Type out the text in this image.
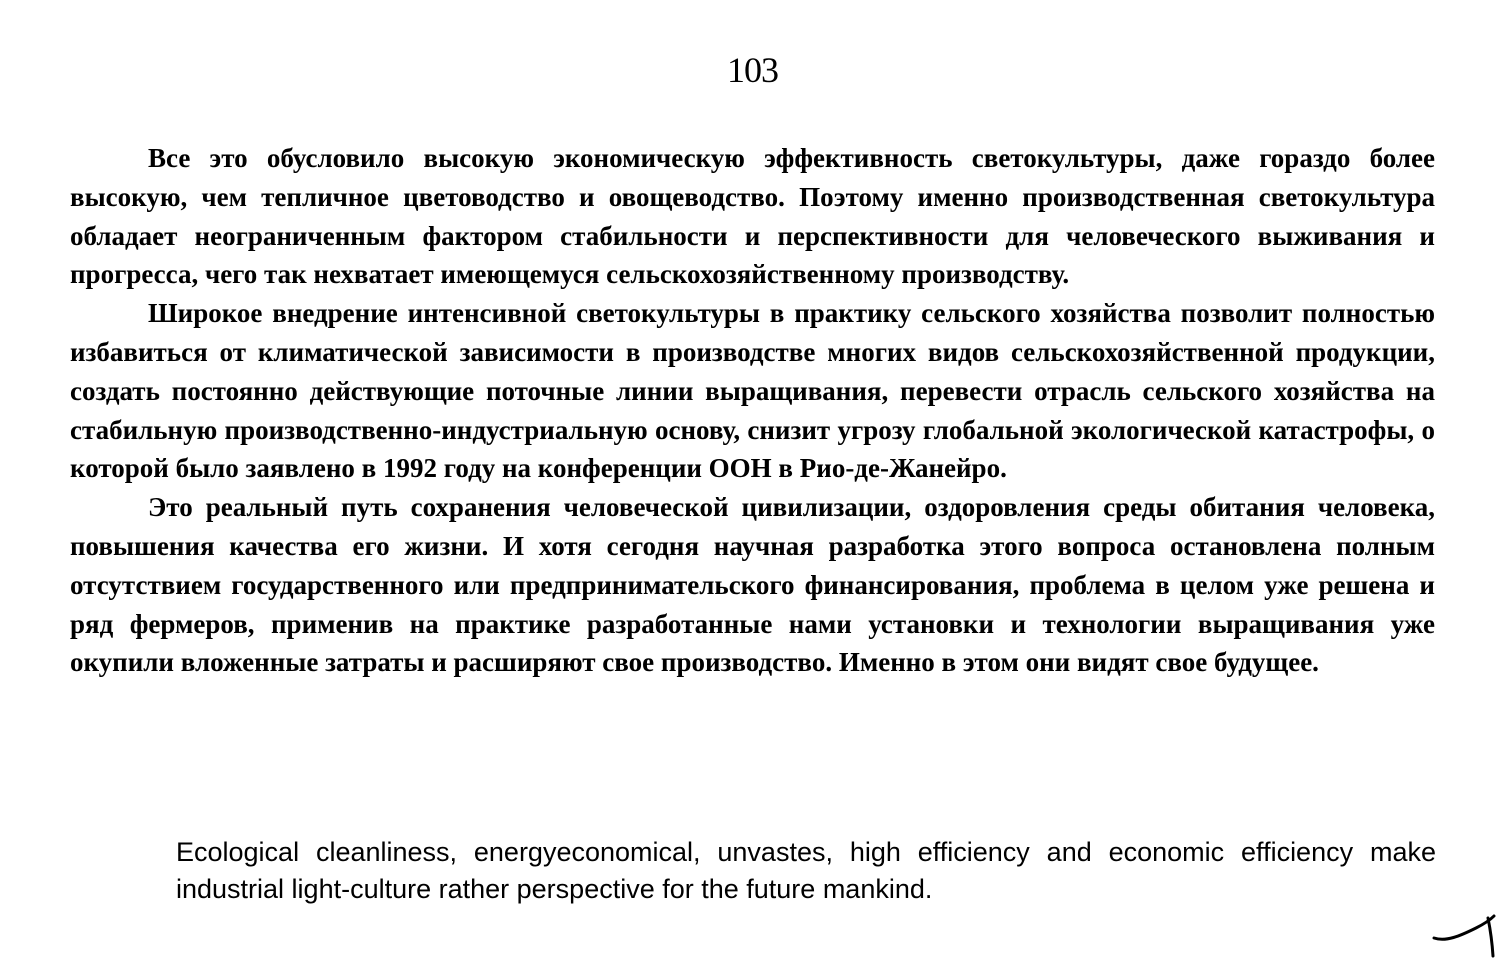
103

Все это обусловило высокую экономическую эффективность светокультуры, даже гораздо более высокую, чем тепличное цветоводство и овощеводство. Поэтому именно производственная светокультура обладает неограниченным фактором стабильности и перспективности для человеческого выживания и прогресса, чего так нехватает имеющемуся сельскохозяйственному производству.

Широкое внедрение интенсивной светокультуры в практику сельского хозяйства позволит полностью избавиться от климатической зависимости в производстве многих видов сельскохозяйственной продукции, создать постоянно действующие поточные линии выращивания, перевести отрасль сельского хозяйства на стабильную производственно-индустриальную основу, снизит угрозу глобальной экологической катастрофы, о которой было заявлено в 1992 году на конференции ООН в Рио-де-Жанейро.

Это реальный путь сохранения человеческой цивилизации, оздоровления среды обитания человека, повышения качества его жизни. И хотя сегодня научная разработка этого вопроса остановлена полным отсутствием государственного или предпринимательского финансирования, проблема в целом уже решена и ряд фермеров, применив на практике разработанные нами установки и технологии выращивания уже окупили вложенные затраты и расширяют свое производство. Именно в этом они видят свое будущее.

Ecological cleanliness, energyeconomical, unvastes, high efficiency and economic efficiency make industrial light-culture rather perspective for the future mankind.
